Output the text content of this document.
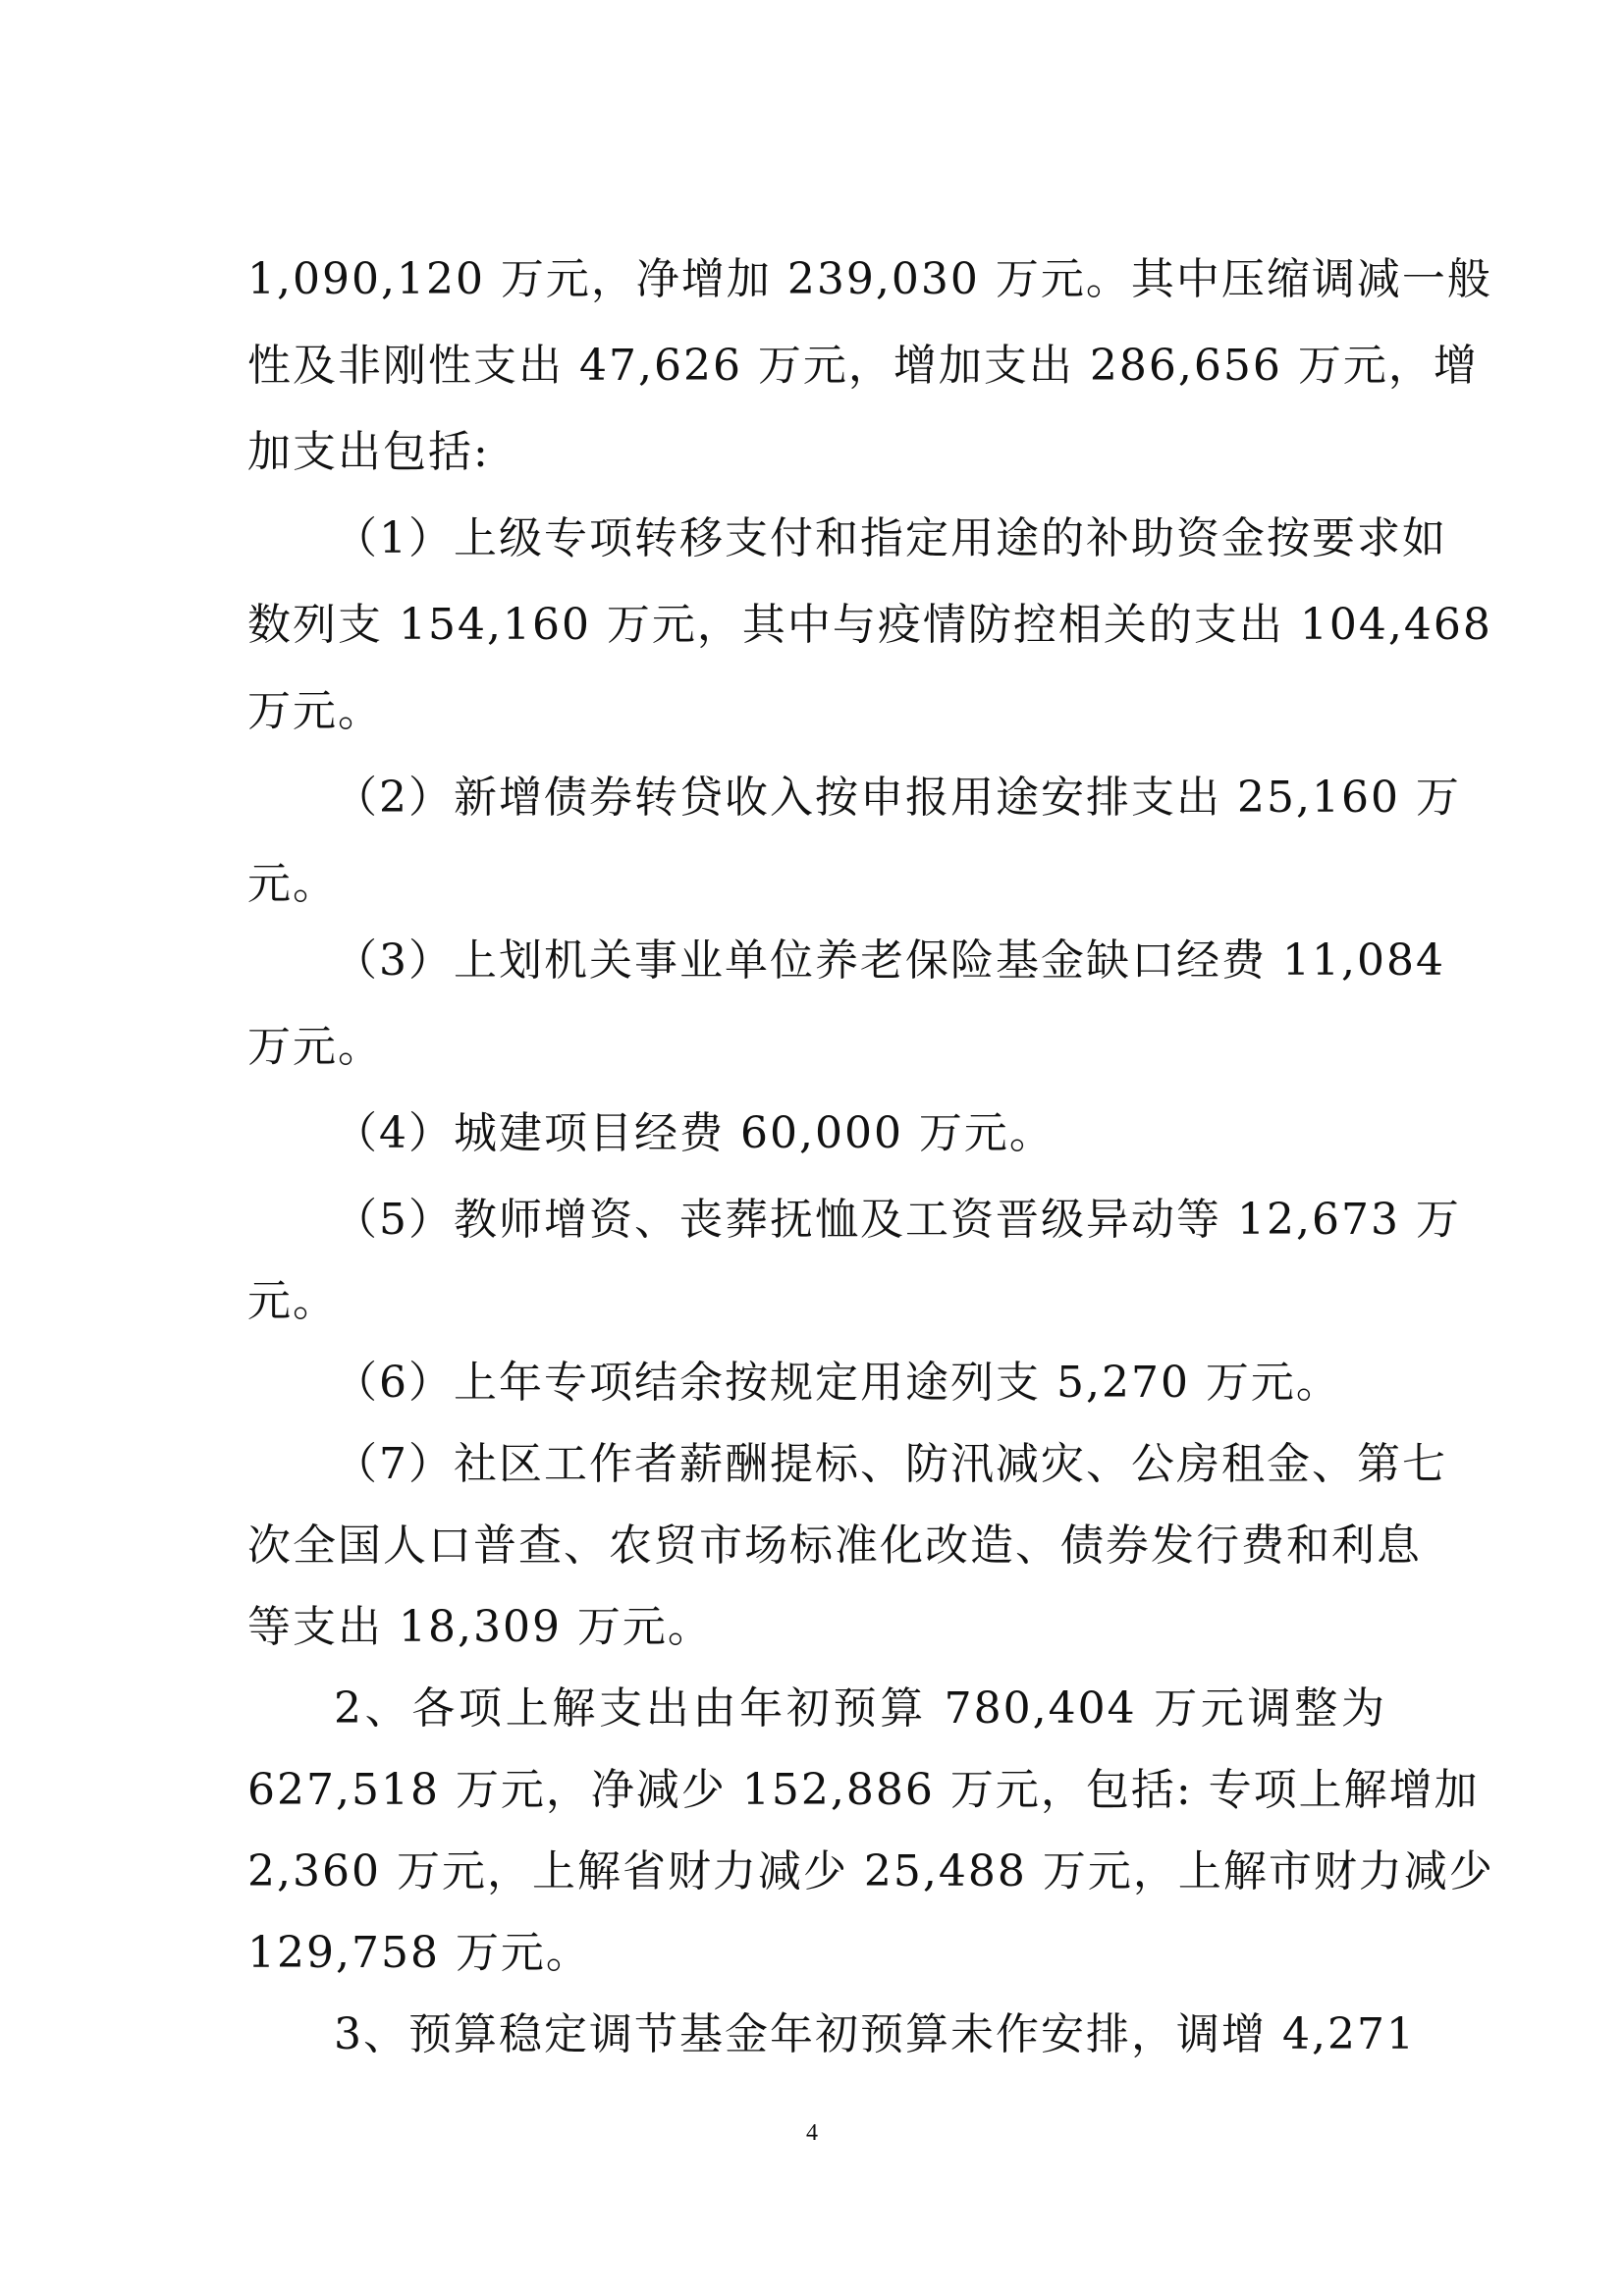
1,090,120 万元，净增加 239,030 万元。其中压缩调减一般
性及非刚性支出 47,626 万元，增加支出 286,656 万元，增
加支出包括:
（1）上级专项转移支付和指定用途的补助资金按要求如
数列支 154,160 万元，其中与疫情防控相关的支出 104,468
万元。
（2）新增债券转贷收入按申报用途安排支出 25,160 万
元。
（3）上划机关事业单位养老保险基金缺口经费 11,084
万元。
（4）城建项目经费 60,000 万元。
（5）教师增资、丧葬抚恤及工资晋级异动等 12,673 万
元。
（6）上年专项结余按规定用途列支 5,270 万元。
（7）社区工作者薪酬提标、防汛减灾、公房租金、第七
次全国人口普查、农贸市场标准化改造、债券发行费和利息
等支出 18,309 万元。
2、各项上解支出由年初预算 780,404 万元调整为
627,518 万元，净减少 152,886 万元，包括: 专项上解增加
2,360 万元，上解省财力减少 25,488 万元，上解市财力减少
129,758 万元。
3、预算稳定调节基金年初预算未作安排，调增 4,271
4
